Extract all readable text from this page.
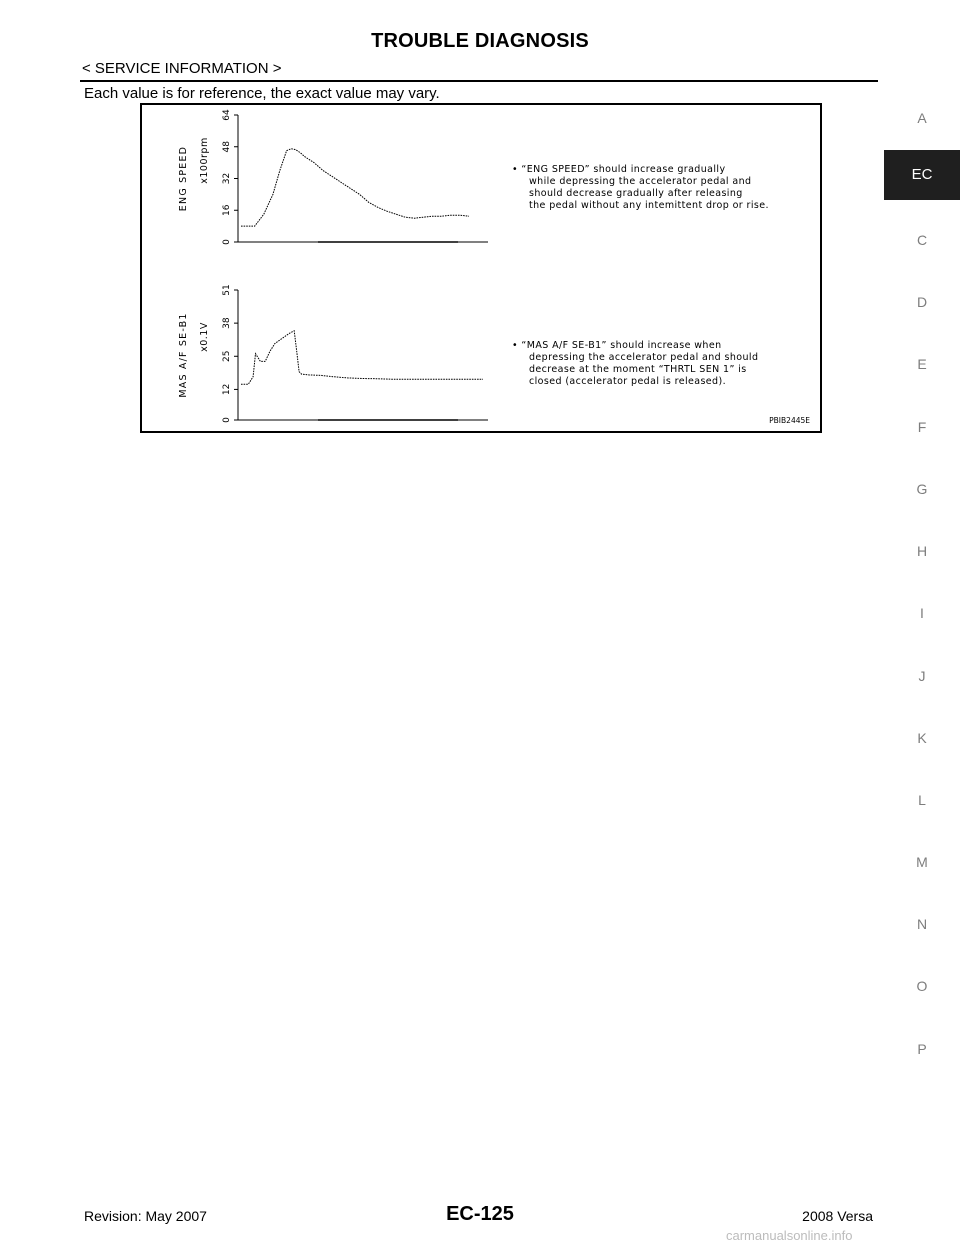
TROUBLE DIAGNOSIS
< SERVICE INFORMATION >
Each value is for reference, the exact value may vary.
ENG SPEED x100rpm
0
16
32
48
64
• “ENG SPEED” should increase gradually
while depressing the accelerator pedal and
should decrease gradually after releasing
the pedal without any intemittent drop or rise.
MAS A/F SE-B1 x0.1V
0
12
25
38
51
• “MAS A/F SE-B1” should increase when
depressing the accelerator pedal and should
decrease at the moment “THRTL SEN 1” is
closed (accelerator pedal is released).
PBIB2445E
A
EC
C
D
E
F
G
H
I
J
K
L
M
N
O
P
Revision: May 2007	EC-125	2008 Versa
carmanualsonline.info
